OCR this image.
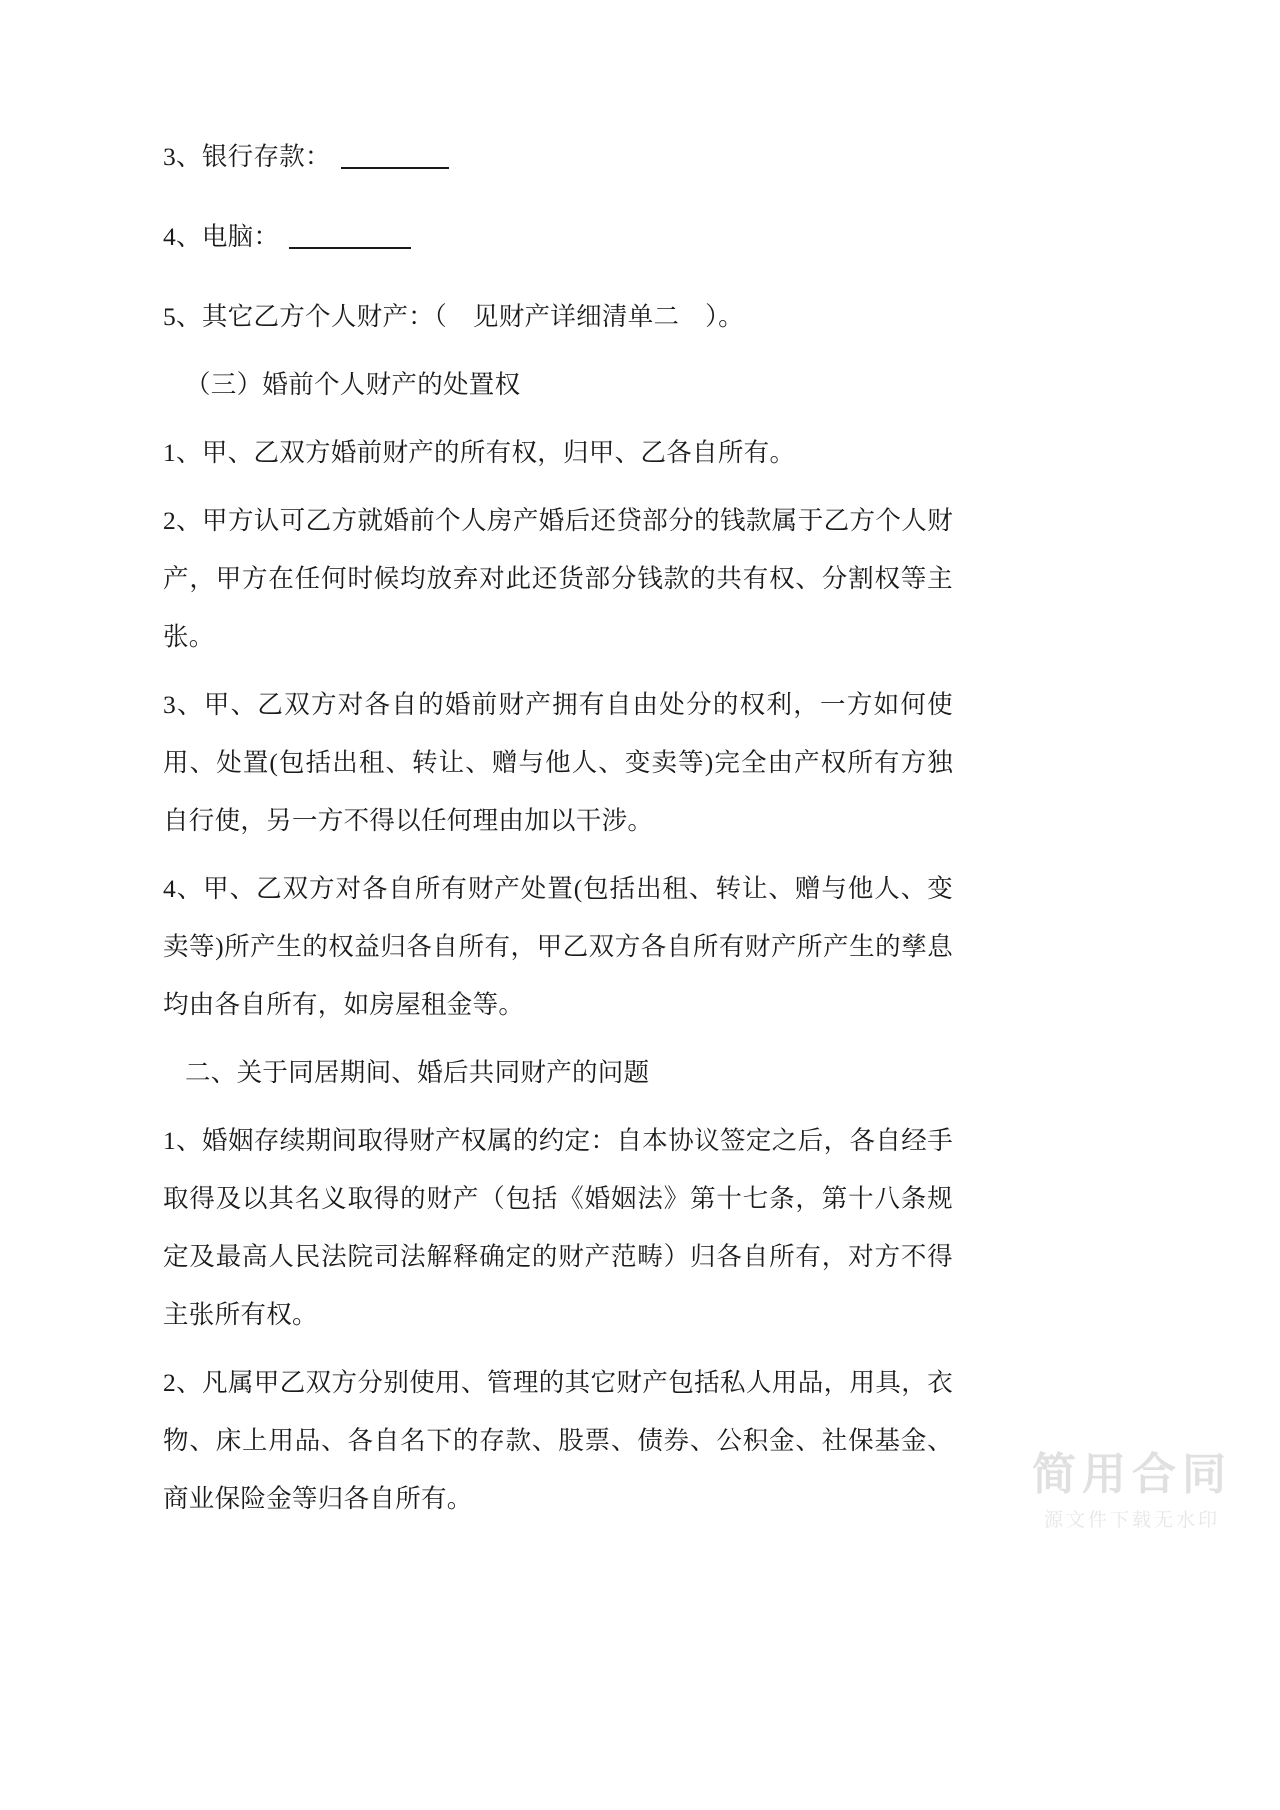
3、银行存款：

4、电脑：

5、其它乙方个人财产：（　见财产详细清单二　）。

（三）婚前个人财产的处置权

1、甲、乙双方婚前财产的所有权，归甲、乙各自所有。

2、甲方认可乙方就婚前个人房产婚后还贷部分的钱款属于乙方个人财产，甲方在任何时候均放弃对此还货部分钱款的共有权、分割权等主张。

3、甲、乙双方对各自的婚前财产拥有自由处分的权利，一方如何使用、处置(包括出租、转让、赠与他人、变卖等)完全由产权所有方独自行使，另一方不得以任何理由加以干涉。

4、甲、乙双方对各自所有财产处置(包括出租、转让、赠与他人、变卖等)所产生的权益归各自所有，甲乙双方各自所有财产所产生的孳息均由各自所有，如房屋租金等。

二、关于同居期间、婚后共同财产的问题

1、婚姻存续期间取得财产权属的约定：自本协议签定之后，各自经手取得及以其名义取得的财产（包括《婚姻法》第十七条，第十八条规定及最高人民法院司法解释确定的财产范畴）归各自所有，对方不得主张所有权。

2、凡属甲乙双方分别使用、管理的其它财产包括私人用品，用具，衣物、床上用品、各自名下的存款、股票、债券、公积金、社保基金、商业保险金等归各自所有。	简用合同
源文件下载无水印
